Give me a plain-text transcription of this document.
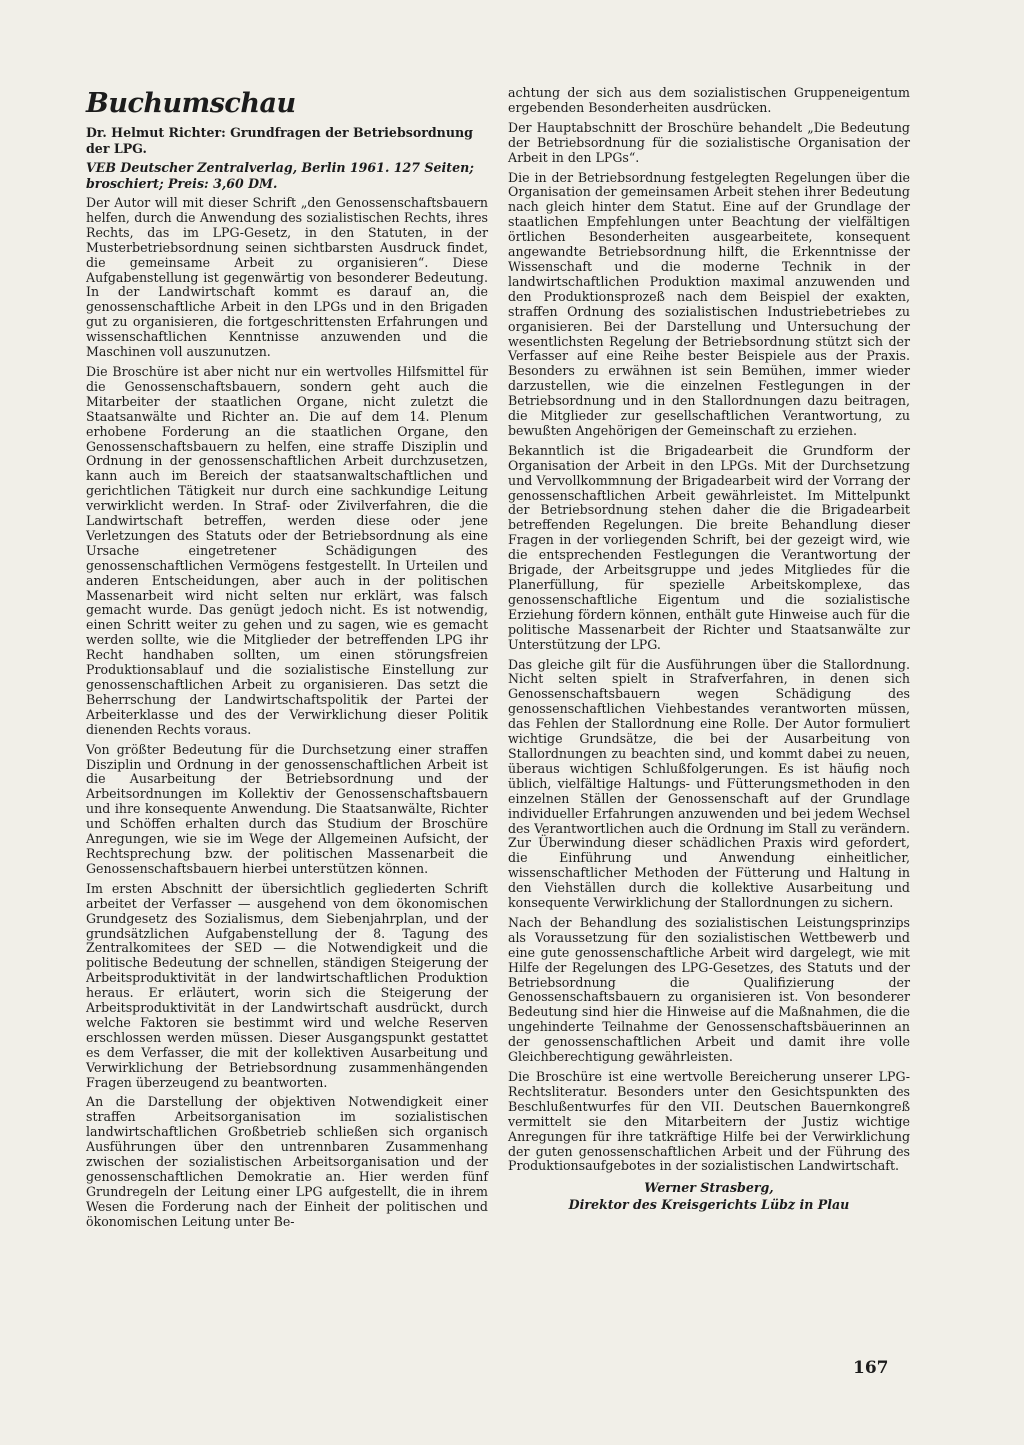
Buchumschau
Dr. Helmut Richter: Grundfragen der Betriebsordnung der LPG.
VEB Deutscher Zentralverlag, Berlin 1961. 127 Seiten; broschiert; Preis: 3,60 DM.

Der Autor will mit dieser Schrift „den Genossenschaftsbauern helfen, durch die Anwendung des sozialistischen Rechts, ihres Rechts, das im LPG-Gesetz, in den Statuten, in der Musterbetriebsordnung seinen sichtbarsten Ausdruck findet, die gemeinsame Arbeit zu organisieren“. Diese Aufgabenstellung ist gegenwärtig von besonderer Bedeutung. In der Landwirtschaft kommt es darauf an, die genossenschaftliche Arbeit in den LPGs und in den Brigaden gut zu organisieren, die fortgeschrittensten Erfahrungen und wissenschaftlichen Kenntnisse anzuwenden und die Maschinen voll auszunutzen.

Die Broschüre ist aber nicht nur ein wertvolles Hilfsmittel für die Genossenschaftsbauern, sondern geht auch die Mitarbeiter der staatlichen Organe, nicht zuletzt die Staatsanwälte und Richter an. Die auf dem 14. Plenum erhobene Forderung an die staatlichen Organe, den Genossenschaftsbauern zu helfen, eine straffe Disziplin und Ordnung in der genossenschaftlichen Arbeit durchzusetzen, kann auch im Bereich der staatsanwaltschaftlichen und gerichtlichen Tätigkeit nur durch eine sachkundige Leitung verwirklicht werden. In Straf- oder Zivilverfahren, die die Landwirtschaft betreffen, werden diese oder jene Verletzungen des Statuts oder der Betriebsordnung als eine Ursache eingetretener Schädigungen des genossenschaftlichen Vermögens festgestellt. In Urteilen und anderen Entscheidungen, aber auch in der politischen Massenarbeit wird nicht selten nur erklärt, was falsch gemacht wurde. Das genügt jedoch nicht. Es ist notwendig, einen Schritt weiter zu gehen und zu sagen, wie es gemacht werden sollte, wie die Mitglieder der betreffenden LPG ihr Recht handhaben sollten, um einen störungsfreien Produktionsablauf und die sozialistische Einstellung zur genossenschaftlichen Arbeit zu organisieren. Das setzt die Beherrschung der Landwirtschaftspolitik der Partei der Arbeiterklasse und des der Verwirklichung dieser Politik dienenden Rechts voraus.

Von größter Bedeutung für die Durchsetzung einer straffen Disziplin und Ordnung in der genossenschaftlichen Arbeit ist die Ausarbeitung der Betriebsordnung und der Arbeitsordnungen im Kollektiv der Genossenschaftsbauern und ihre konsequente Anwendung. Die Staatsanwälte, Richter und Schöffen erhalten durch das Studium der Broschüre Anregungen, wie sie im Wege der Allgemeinen Aufsicht, der Rechtsprechung bzw. der politischen Massenarbeit die Genossenschaftsbauern hierbei unterstützen können.

Im ersten Abschnitt der übersichtlich gegliederten Schrift arbeitet der Verfasser — ausgehend von dem ökonomischen Grundgesetz des Sozialismus, dem Siebenjahrplan, und der grundsätzlichen Aufgabenstellung der 8. Tagung des Zentralkomitees der SED — die Notwendigkeit und die politische Bedeutung der schnellen, ständigen Steigerung der Arbeitsproduktivität in der landwirtschaftlichen Produktion heraus. Er erläutert, worin sich die Steigerung der Arbeitsproduktivität in der Landwirtschaft ausdrückt, durch welche Faktoren sie bestimmt wird und welche Reserven erschlossen werden müssen. Dieser Ausgangspunkt gestattet es dem Verfasser, die mit der kollektiven Ausarbeitung und Verwirklichung der Betriebsordnung zusammenhängenden Fragen überzeugend zu beantworten.

An die Darstellung der objektiven Notwendigkeit einer straffen Arbeitsorganisation im sozialistischen landwirtschaftlichen Großbetrieb schließen sich organisch Ausführungen über den untrennbaren Zusammenhang zwischen der sozialistischen Arbeitsorganisation und der genossenschaftlichen Demokratie an. Hier werden fünf Grundregeln der Leitung einer LPG aufgestellt, die in ihrem Wesen die Forderung nach der Einheit der politischen und ökonomischen Leitung unter Be-

achtung der sich aus dem sozialistischen Gruppeneigentum ergebenden Besonderheiten ausdrücken.

Der Hauptabschnitt der Broschüre behandelt „Die Bedeutung der Betriebsordnung für die sozialistische Organisation der Arbeit in den LPGs“.

Die in der Betriebsordnung festgelegten Regelungen über die Organisation der gemeinsamen Arbeit stehen ihrer Bedeutung nach gleich hinter dem Statut. Eine auf der Grundlage der staatlichen Empfehlungen unter Beachtung der vielfältigen örtlichen Besonderheiten ausgearbeitete, konsequent angewandte Betriebsordnung hilft, die Erkenntnisse der Wissenschaft und die moderne Technik in der landwirtschaftlichen Produktion maximal anzuwenden und den Produktionsprozeß nach dem Beispiel der exakten, straffen Ordnung des sozialistischen Industriebetriebes zu organisieren. Bei der Darstellung und Untersuchung der wesentlichsten Regelung der Betriebsordnung stützt sich der Verfasser auf eine Reihe bester Beispiele aus der Praxis. Besonders zu erwähnen ist sein Bemühen, immer wieder darzustellen, wie die einzelnen Festlegungen in der Betriebsordnung und in den Stallordnungen dazu beitragen, die Mitglieder zur gesellschaftlichen Verantwortung, zu bewußten Angehörigen der Gemeinschaft zu erziehen.

Bekanntlich ist die Brigadearbeit die Grundform der Organisation der Arbeit in den LPGs. Mit der Durchsetzung und Vervollkommnung der Brigadearbeit wird der Vorrang der genossenschaftlichen Arbeit gewährleistet. Im Mittelpunkt der Betriebsordnung stehen daher die die Brigadearbeit betreffenden Regelungen. Die breite Behandlung dieser Fragen in der vorliegenden Schrift, bei der gezeigt wird, wie die entsprechenden Festlegungen die Verantwortung der Brigade, der Arbeitsgruppe und jedes Mitgliedes für die Planerfüllung, für spezielle Arbeitskomplexe, das genossenschaftliche Eigentum und die sozialistische Erziehung fördern können, enthält gute Hinweise auch für die politische Massenarbeit der Richter und Staatsanwälte zur Unterstützung der LPG.

Das gleiche gilt für die Ausführungen über die Stallordnung. Nicht selten spielt in Strafverfahren, in denen sich Genossenschaftsbauern wegen Schädigung des genossenschaftlichen Viehbestandes verantworten müssen, das Fehlen der Stallordnung eine Rolle. Der Autor formuliert wichtige Grundsätze, die bei der Ausarbeitung von Stallordnungen zu beachten sind, und kommt dabei zu neuen, überaus wichtigen Schlußfolgerungen. Es ist häufig noch üblich, vielfältige Haltungs- und Fütterungsmethoden in den einzelnen Ställen der Genossenschaft auf der Grundlage individueller Erfahrungen anzuwenden und bei jedem Wechsel des Verantwortlichen auch die Ordnung im Stall zu verändern. Zur Überwindung dieser schädlichen Praxis wird gefordert, die Einführung und Anwendung einheitlicher, wissenschaftlicher Methoden der Fütterung und Haltung in den Viehställen durch die kollektive Ausarbeitung und konsequente Verwirklichung der Stallordnungen zu sichern.

Nach der Behandlung des sozialistischen Leistungsprinzips als Voraussetzung für den sozialistischen Wettbewerb und eine gute genossenschaftliche Arbeit wird dargelegt, wie mit Hilfe der Regelungen des LPG-Gesetzes, des Statuts und der Betriebsordnung die Qualifizierung der Genossenschaftsbauern zu organisieren ist. Von besonderer Bedeutung sind hier die Hinweise auf die Maßnahmen, die die ungehinderte Teilnahme der Genossenschaftsbäuerinnen an der genossenschaftlichen Arbeit und damit ihre volle Gleichberechtigung gewährleisten.

Die Broschüre ist eine wertvolle Bereicherung unserer LPG-Rechtsliteratur. Besonders unter den Gesichtspunkten des Beschlußentwurfes für den VII. Deutschen Bauernkongreß vermittelt sie den Mitarbeitern der Justiz wichtige Anregungen für ihre tatkräftige Hilfe bei der Verwirklichung der guten genossenschaftlichen Arbeit und der Führung des Produktionsaufgebotes in der sozialistischen Landwirtschaft.

Werner Strasberg,
Direktor des Kreisgerichts Lübz in Plau
167
